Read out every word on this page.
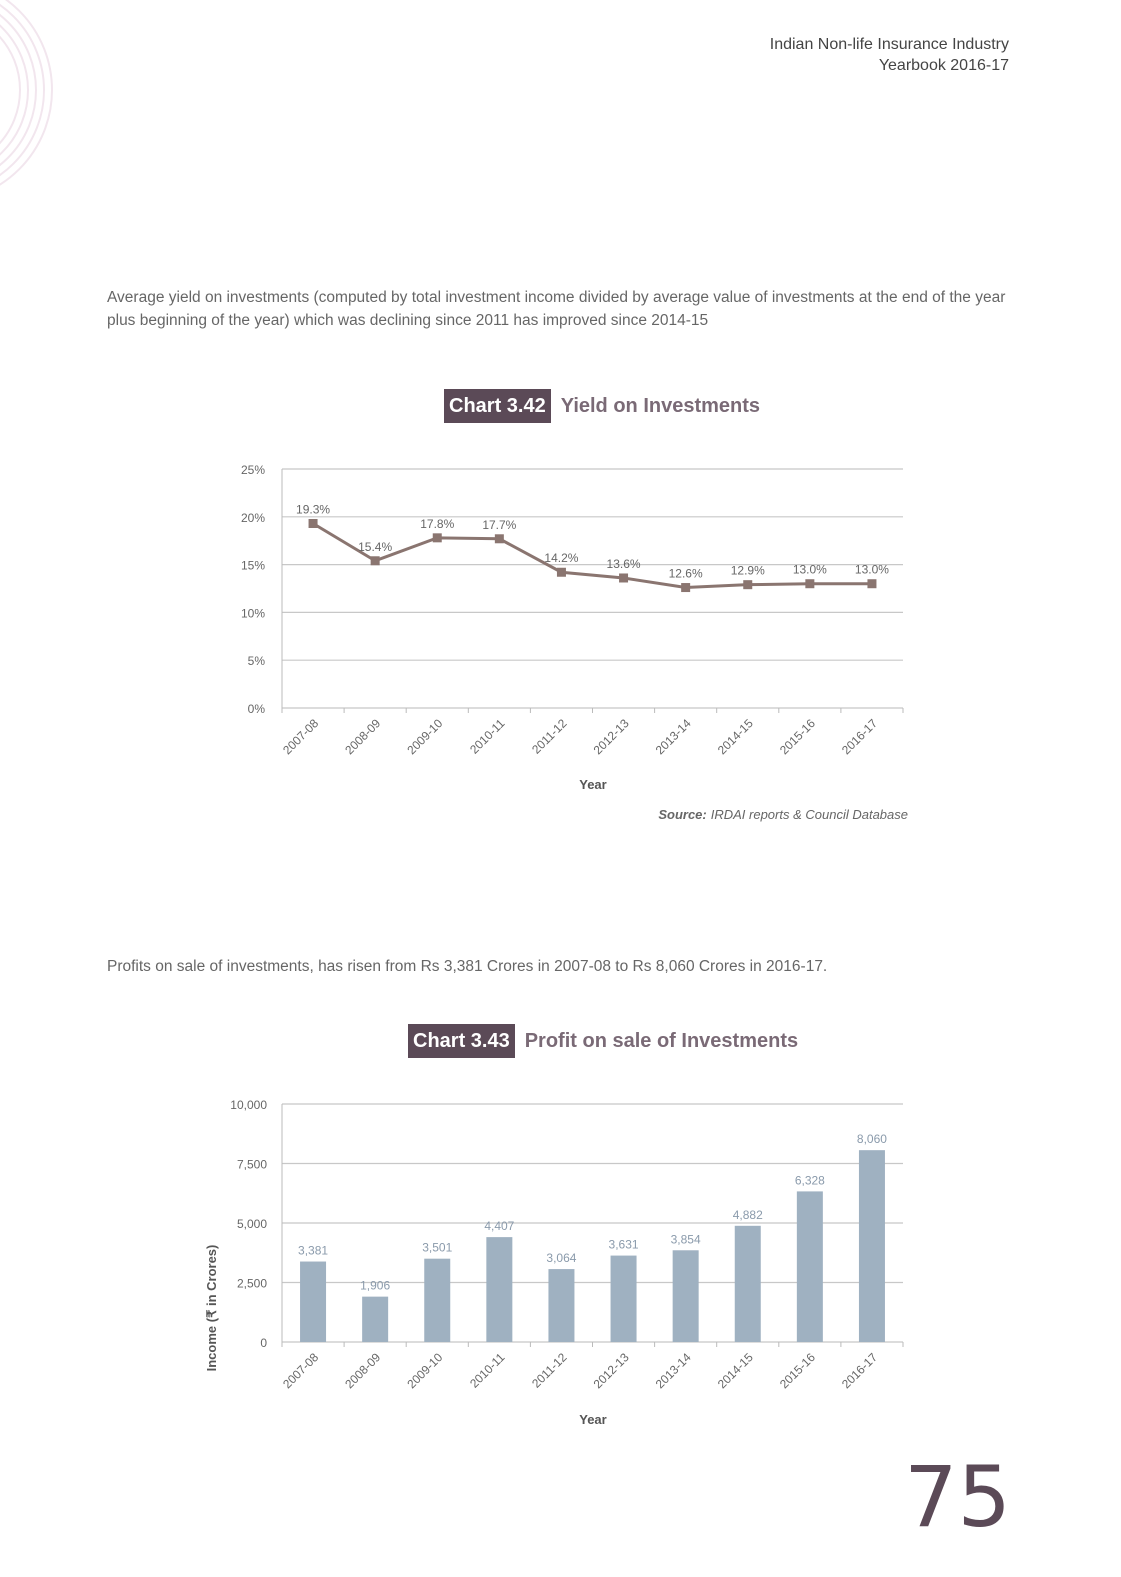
Indian Non-life Insurance Industry
Yearbook 2016-17
Average yield on investments (computed by total investment income divided by average value of investments at the end of the year plus beginning of the year) which was declining since 2011 has improved since 2014-15
Chart 3.42 Yield on Investments
0%
5%
10%
15%
20%
25%
2007-08 2008-09 2009-10 2010-11 2011-12 2012-13 2013-14 2014-15 2015-16 2016-17
19.3%
15.4%
17.8% 17.7%
14.2% 13.6%
12.6% 12.9% 13.0% 13.0%
Year
Source: IRDAI reports & Council Database
Profits on sale of investments, has risen from Rs 3,381 Crores in 2007-08 to Rs 8,060 Crores in 2016-17.
Chart 3.43 Profit on sale of Investments
0
2,500
5,000
7,500
10,000
3,381
1,906
3,501
4,407
3,064
3,631	3,854
4,882
6,328
8,060
2007-08 2008-09 2009-10 2010-11 2011-12 2012-13 2013-14 2014-15 2015-16 2016-17
Income (₹ in Crores)
Year
75
